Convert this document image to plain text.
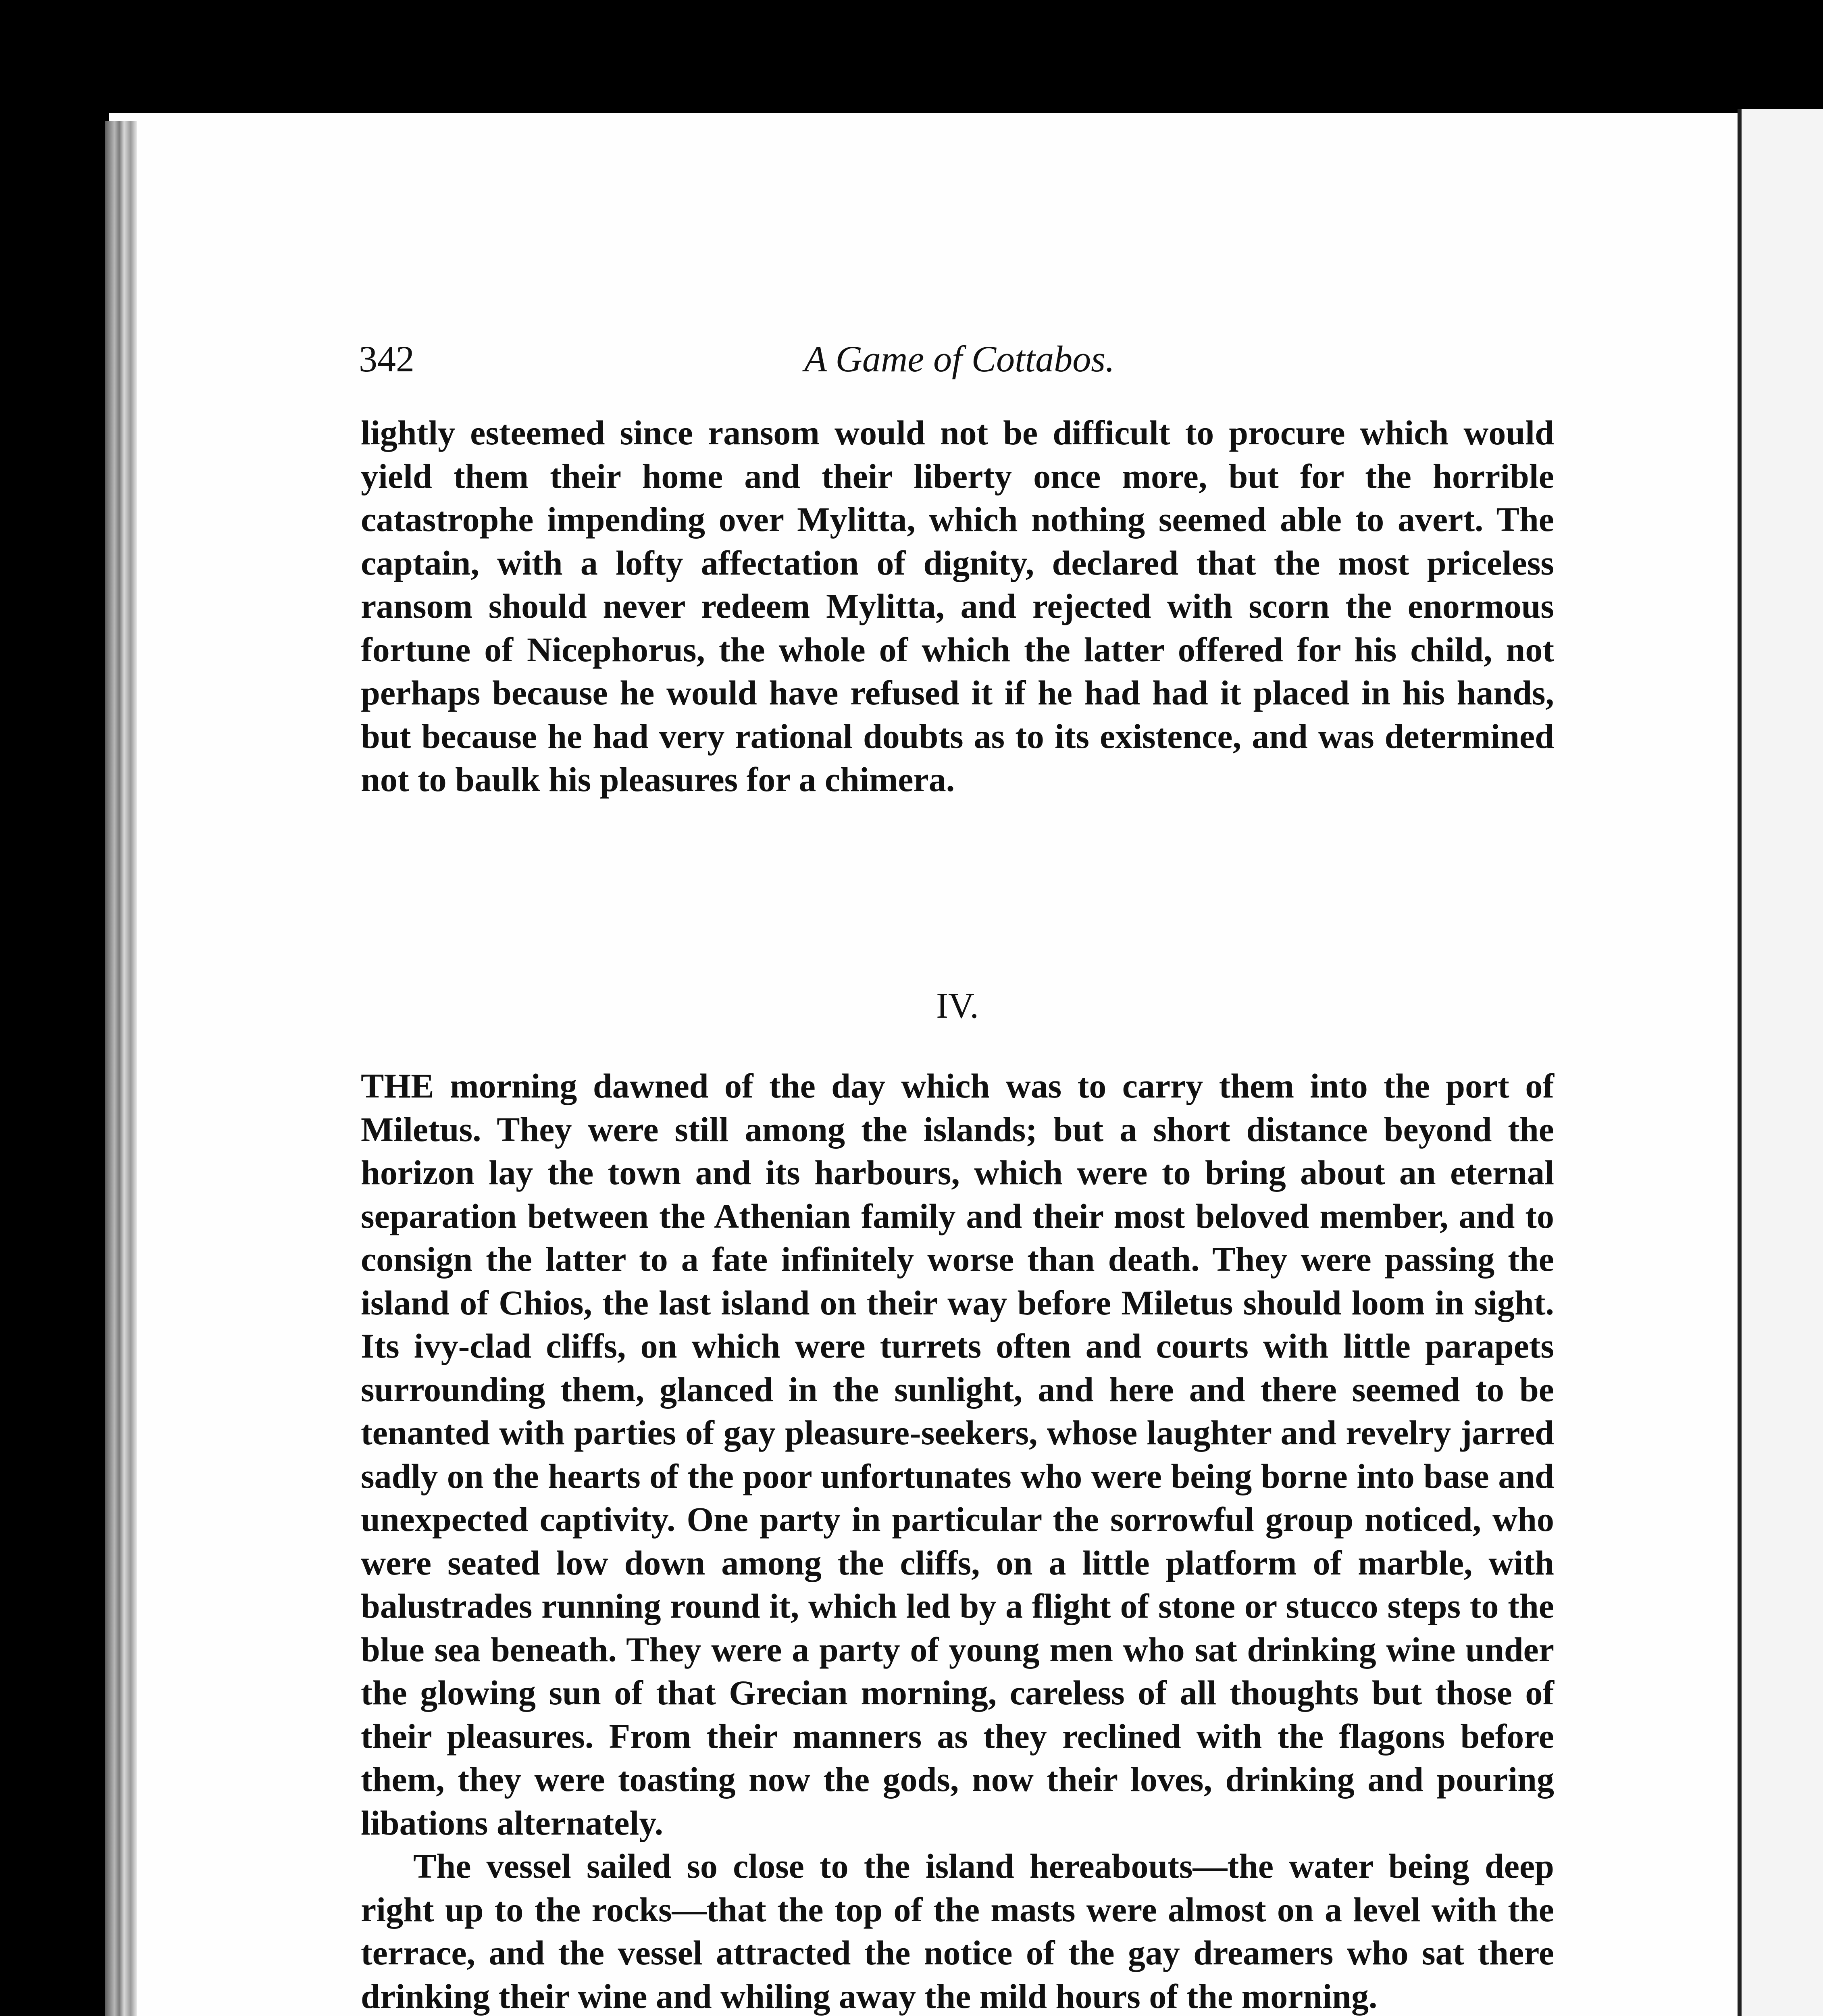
342	A Game of Cottabos.

lightly esteemed since ransom would not be difficult to procure which would yield them their home and their liberty once more, but for the horrible catastrophe impending over Mylitta, which nothing seemed able to avert. The captain, with a lofty affectation of dignity, declared that the most priceless ransom should never redeem Mylitta, and rejected with scorn the enormous fortune of Nicephorus, the whole of which the latter offered for his child, not perhaps because he would have refused it if he had had it placed in his hands, but because he had very rational doubts as to its existence, and was determined not to baulk his pleasures for a chimera.

IV.

THE morning dawned of the day which was to carry them into the port of Miletus. They were still among the islands; but a short distance beyond the horizon lay the town and its harbours, which were to bring about an eternal separation between the Athenian family and their most beloved member, and to consign the latter to a fate infinitely worse than death. They were passing the island of Chios, the last island on their way before Miletus should loom in sight. Its ivy-clad cliffs, on which were turrets often and courts with little parapets surrounding them, glanced in the sunlight, and here and there seemed to be tenanted with parties of gay pleasure-seekers, whose laughter and revelry jarred sadly on the hearts of the poor unfortunates who were being borne into base and unexpected captivity. One party in particular the sorrowful group noticed, who were seated low down among the cliffs, on a little platform of marble, with balustrades running round it, which led by a flight of stone or stucco steps to the blue sea beneath. They were a party of young men who sat drinking wine under the glowing sun of that Grecian morning, careless of all thoughts but those of their pleasures. From their manners as they reclined with the flagons before them, they were toasting now the gods, now their loves, drinking and pouring libations alternately.

The vessel sailed so close to the island hereabouts—the water being deep right up to the rocks—that the top of the masts were almost on a level with the terrace, and the vessel attracted the notice of the gay dreamers who sat there drinking their wine and whiling away the mild hours of the morning.
